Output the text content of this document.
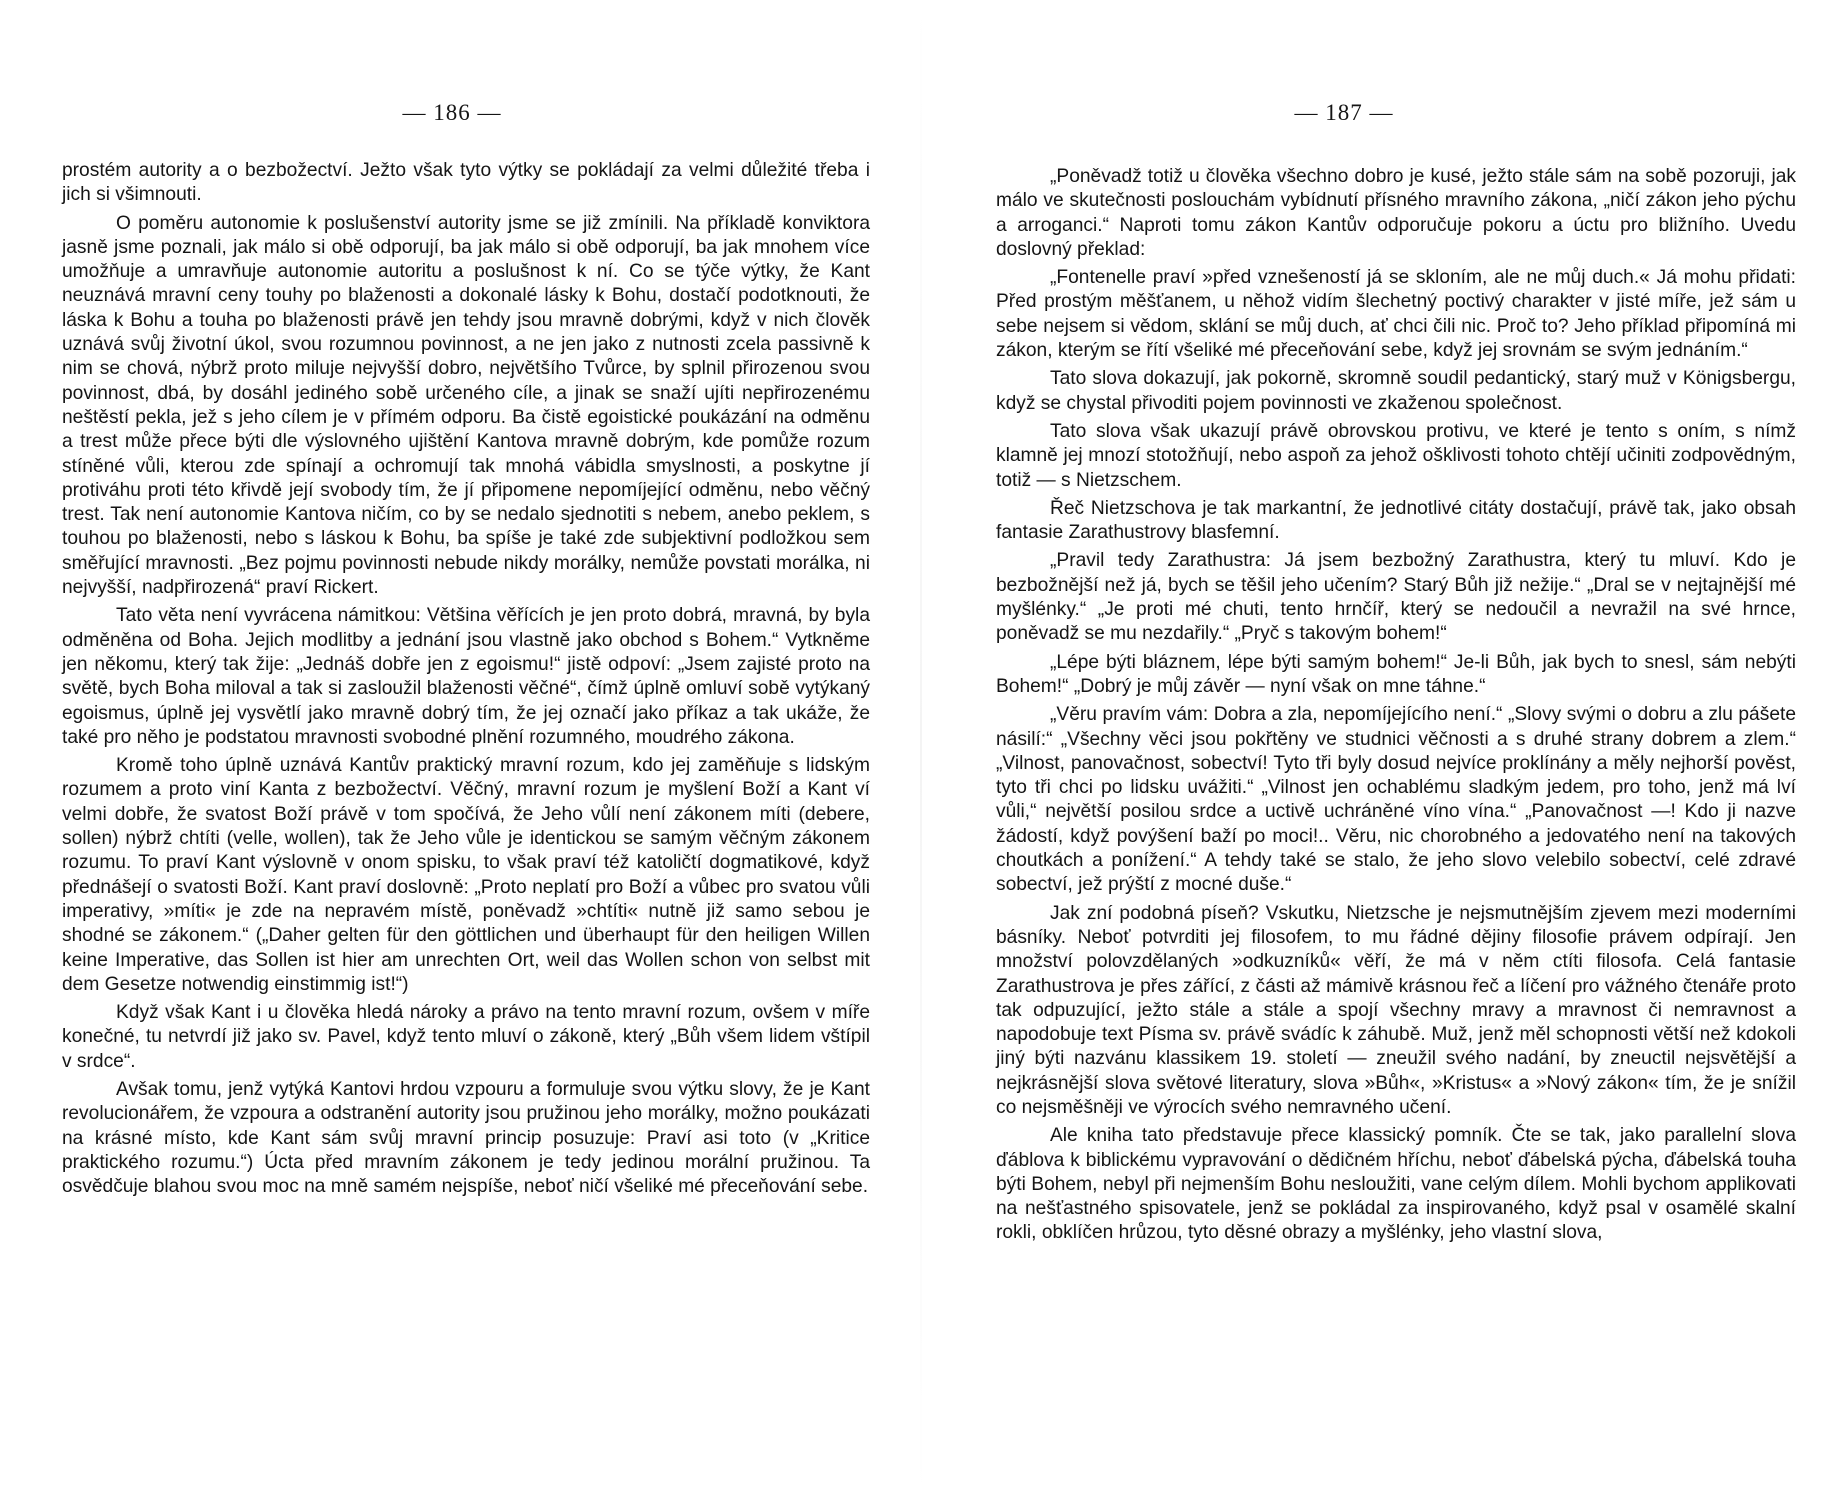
— 186 —

prostém autority a o bezbožectví. Ježto však tyto výtky se pokládají za velmi důležité třeba i jich si všimnouti.

O poměru autonomie k poslušenství autority jsme se již zmínili. Na příkladě konviktora jasně jsme poznali, jak málo si obě odporují, ba jak málo si obě odporují, ba jak mnohem více umožňuje a umravňuje autonomie autoritu a poslušnost k ní. Co se týče výtky, že Kant neuznává mravní ceny touhy po blaženosti a dokonalé lásky k Bohu, dostačí podotknouti, že láska k Bohu a touha po blaženosti právě jen tehdy jsou mravně dobrými, když v nich člověk uznává svůj životní úkol, svou rozumnou povinnost, a ne jen jako z nutnosti zcela passivně k nim se chová, nýbrž proto miluje nejvyšší dobro, největšího Tvůrce, by splnil přirozenou svou povinnost, dbá, by dosáhl jediného sobě určeného cíle, a jinak se snaží ujíti nepřirozenému neštěstí pekla, jež s jeho cílem je v přímém odporu. Ba čistě egoistické poukázání na odměnu a trest může přece býti dle výslovného ujištění Kantova mravně dobrým, kde pomůže rozum stíněné vůli, kterou zde spínají a ochromují tak mnohá vábidla smyslnosti, a poskytne jí protiváhu proti této křivdě její svobody tím, že jí připomene nepomíjející odměnu, nebo věčný trest. Tak není autonomie Kantova ničím, co by se nedalo sjednotiti s nebem, anebo peklem, s touhou po blaženosti, nebo s láskou k Bohu, ba spíše je také zde subjektivní podložkou sem směřující mravnosti. „Bez pojmu povinnosti nebude nikdy morálky, nemůže povstati morálka, ni nejvyšší, nadpřirozená“ praví Rickert.

Tato věta není vyvrácena námitkou: Většina věřících je jen proto dobrá, mravná, by byla odměněna od Boha. Jejich modlitby a jednání jsou vlastně jako obchod s Bohem.“ Vytkněme jen někomu, který tak žije: „Jednáš dobře jen z egoismu!“ jistě odpoví: „Jsem zajisté proto na světě, bych Boha miloval a tak si zasloužil blaženosti věčné“, čímž úplně omluví sobě vytýkaný egoismus, úplně jej vysvětlí jako mravně dobrý tím, že jej označí jako příkaz a tak ukáže, že také pro něho je podstatou mravnosti svobodné plnění rozumného, moudrého zákona.

Kromě toho úplně uznává Kantův praktický mravní rozum, kdo jej zaměňuje s lidským rozumem a proto viní Kanta z bezbožectví. Věčný, mravní rozum je myšlení Boží a Kant ví velmi dobře, že svatost Boží právě v tom spočívá, že Jeho vůlí není zákonem míti (debere, sollen) nýbrž chtíti (velle, wollen), tak že Jeho vůle je identickou se samým věčným zákonem rozumu. To praví Kant výslovně v onom spisku, to však praví též katoličtí dogmatikové, když přednášejí o svatosti Boží. Kant praví doslovně: „Proto neplatí pro Boží a vůbec pro svatou vůli imperativy, »míti« je zde na nepravém místě, poněvadž »chtíti« nutně již samo sebou je shodné se zákonem.“ („Daher gelten für den göttlichen und überhaupt für den heiligen Willen keine Imperative, das Sollen ist hier am unrechten Ort, weil das Wollen schon von selbst mit dem Gesetze notwendig einstimmig ist!“)

Když však Kant i u člověka hledá nároky a právo na tento mravní rozum, ovšem v míře konečné, tu netvrdí již jako sv. Pavel, když tento mluví o zákoně, který „Bůh všem lidem vštípil v srdce“.

Avšak tomu, jenž vytýká Kantovi hrdou vzpouru a formuluje svou výtku slovy, že je Kant revolucionářem, že vzpoura a odstranění autority jsou pružinou jeho morálky, možno poukázati na krásné místo, kde Kant sám svůj mravní princip posuzuje: Praví asi toto (v „Kritice praktického rozumu.“) Úcta před mravním zákonem je tedy jedinou morální pružinou. Ta osvědčuje blahou svou moc na mně samém nejspíše, neboť ničí všeliké mé přeceňování sebe.

— 187 —

„Poněvadž totiž u člověka všechno dobro je kusé, ježto stále sám na sobě pozoruji, jak málo ve skutečnosti poslouchám vybídnutí přísného mravního zákona, „ničí zákon jeho pýchu a arroganci.“ Naproti tomu zákon Kantův odporučuje pokoru a úctu pro bližního. Uvedu doslovný překlad:

„Fontenelle praví »před vznešeností já se skloním, ale ne můj duch.« Já mohu přidati: Před prostým měšťanem, u něhož vidím šlechetný poctivý charakter v jisté míře, jež sám u sebe nejsem si vědom, sklání se můj duch, ať chci čili nic. Proč to? Jeho příklad připomíná mi zákon, kterým se řítí všeliké mé přeceňování sebe, když jej srovnám se svým jednáním.“

Tato slova dokazují, jak pokorně, skromně soudil pedantický, starý muž v Königsbergu, když se chystal přivoditi pojem povinnosti ve zkaženou společnost.

Tato slova však ukazují právě obrovskou protivu, ve které je tento s oním, s nímž klamně jej mnozí stotožňují, nebo aspoň za jehož ošklivosti tohoto chtějí učiniti zodpovědným, totiž — s Nietzschem.

Řeč Nietzschova je tak markantní, že jednotlivé citáty dostačují, právě tak, jako obsah fantasie Zarathustrovy blasfemní.

„Pravil tedy Zarathustra: Já jsem bezbožný Zarathustra, který tu mluví. Kdo je bezbožnější než já, bych se těšil jeho učením? Starý Bůh již nežije.“ „Dral se v nejtajnější mé myšlénky.“ „Je proti mé chuti, tento hrnčíř, který se nedoučil a nevražil na své hrnce, poněvadž se mu nezdařily.“ „Pryč s takovým bohem!“

„Lépe býti bláznem, lépe býti samým bohem!“ Je-li Bůh, jak bych to snesl, sám nebýti Bohem!“ „Dobrý je můj závěr — nyní však on mne táhne.“

„Věru pravím vám: Dobra a zla, nepomíjejícího není.“ „Slovy svými o dobru a zlu pášete násilí:“ „Všechny věci jsou pokřtěny ve studnici věčnosti a s druhé strany dobrem a zlem.“ „Vilnost, panovačnost, sobectví! Tyto tři byly dosud nejvíce proklínány a měly nejhorší pověst, tyto tři chci po lidsku uvážiti.“ „Vilnost jen ochablému sladkým jedem, pro toho, jenž má lví vůli,“ největší posilou srdce a uctivě uchráněné víno vína.“ „Panovačnost —! Kdo ji nazve žádostí, když povýšení baží po moci!.. Věru, nic chorobného a jedovatého není na takových choutkách a ponížení.“ A tehdy také se stalo, že jeho slovo velebilo sobectví, celé zdravé sobectví, jež prýští z mocné duše.“

Jak zní podobná píseň? Vskutku, Nietzsche je nejsmutnějším zjevem mezi moderními básníky. Neboť potvrditi jej filosofem, to mu řádné dějiny filosofie právem odpírají. Jen množství polovzdělaných »odkuzníků« věří, že má v něm ctíti filosofa. Celá fantasie Zarathustrova je přes zářící, z části až mámivě krásnou řeč a líčení pro vážného čtenáře proto tak odpuzující, ježto stále a stále a spojí všechny mravy a mravnost či nemravnost a napodobuje text Písma sv. právě svádíc k záhubě. Muž, jenž měl schopnosti větší než kdokoli jiný býti nazvánu klassikem 19. století — zneužil svého nadání, by zneuctil nejsvětější a nejkrásnější slova světové literatury, slova »Bůh«, »Kristus« a »Nový zákon« tím, že je snížil co nejsměšněji ve výrocích svého nemravného učení.

Ale kniha tato představuje přece klassický pomník. Čte se tak, jako parallelní slova ďáblova k biblickému vypravování o dědičném hříchu, neboť ďábelská pýcha, ďábelská touha býti Bohem, nebyl při nejmenším Bohu nesloužiti, vane celým dílem. Mohli bychom applikovati na nešťastného spisovatele, jenž se pokládal za inspirovaného, když psal v osamělé skalní rokli, obklíčen hrůzou, tyto děsné obrazy a myšlénky, jeho vlastní slova,
